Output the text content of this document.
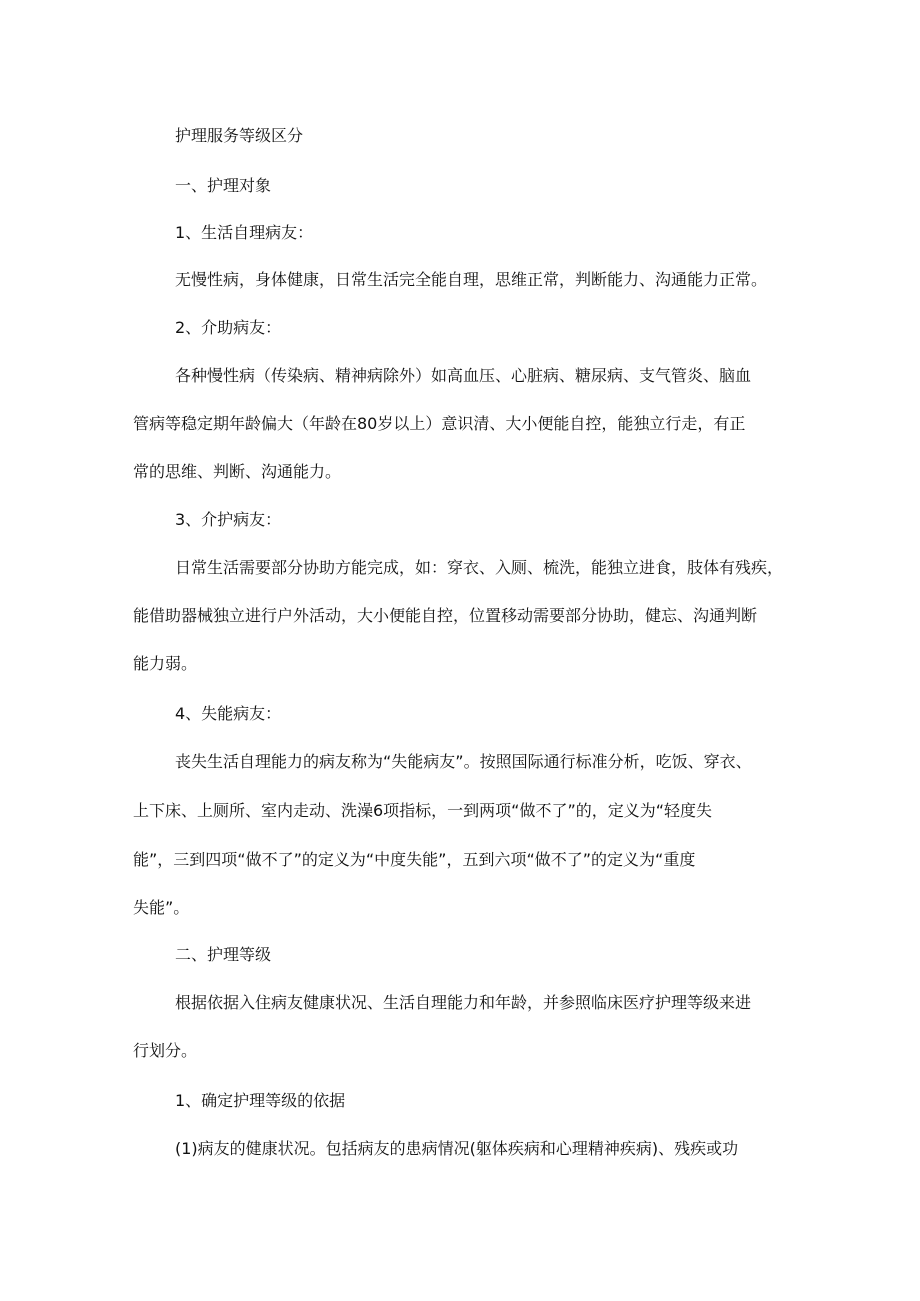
护理服务等级区分
一、护理对象
1、生活自理病友：
无慢性病，身体健康，日常生活完全能自理，思维正常，判断能力、沟通能力正常。
2、介助病友：
各种慢性病（传染病、精神病除外）如高血压、心脏病、糖尿病、支气管炎、脑血
管病等稳定期年龄偏大（年龄在80岁以上）意识清、大小便能自控，能独立行走，有正
常的思维、判断、沟通能力。
3、介护病友：
日常生活需要部分协助方能完成，如：穿衣、入厕、梳洗，能独立进食，肢体有残疾，
能借助器械独立进行户外活动，大小便能自控，位置移动需要部分协助，健忘、沟通判断
能力弱。
4、失能病友：
丧失生活自理能力的病友称为“失能病友”。按照国际通行标准分析，吃饭、穿衣、
上下床、上厕所、室内走动、洗澡6项指标，一到两项“做不了”的，定义为“轻度失
能”，三到四项“做不了”的定义为“中度失能”，五到六项“做不了”的定义为“重度
失能”。
二、护理等级
根据依据入住病友健康状况、生活自理能力和年龄，并参照临床医疗护理等级来进
行划分。
1、确定护理等级的依据
(1)病友的健康状况。包括病友的患病情况(躯体疾病和心理精神疾病)、残疾或功
